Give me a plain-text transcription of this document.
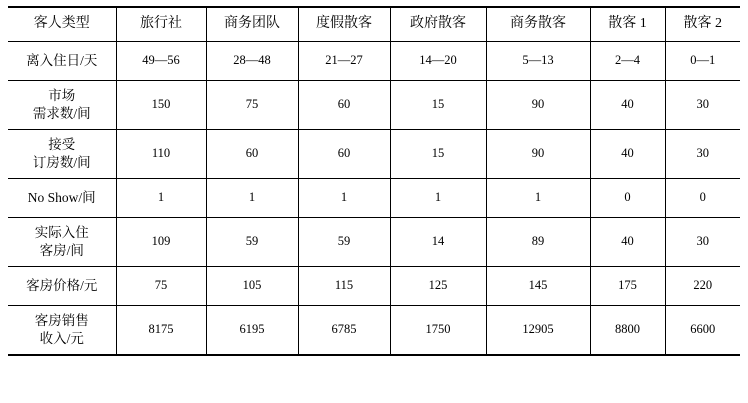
客人类型	旅行社	商务团队	度假散客	政府散客	商务散客	散客 1	散客 2
离入住日/天	49—56	28—48	21—27	14—20	5—13	2—4	0—1
市场
需求数/间	150	75	60	15	90	40	30
接受
订房数/间	110	60	60	15	90	40	30
No Show/间	1	1	1	1	1	0	0
实际入住
客房/间	109	59	59	14	89	40	30
客房价格/元	75	105	115	125	145	175	220
客房销售
收入/元	8175	6195	6785	1750	12905	8800	6600
